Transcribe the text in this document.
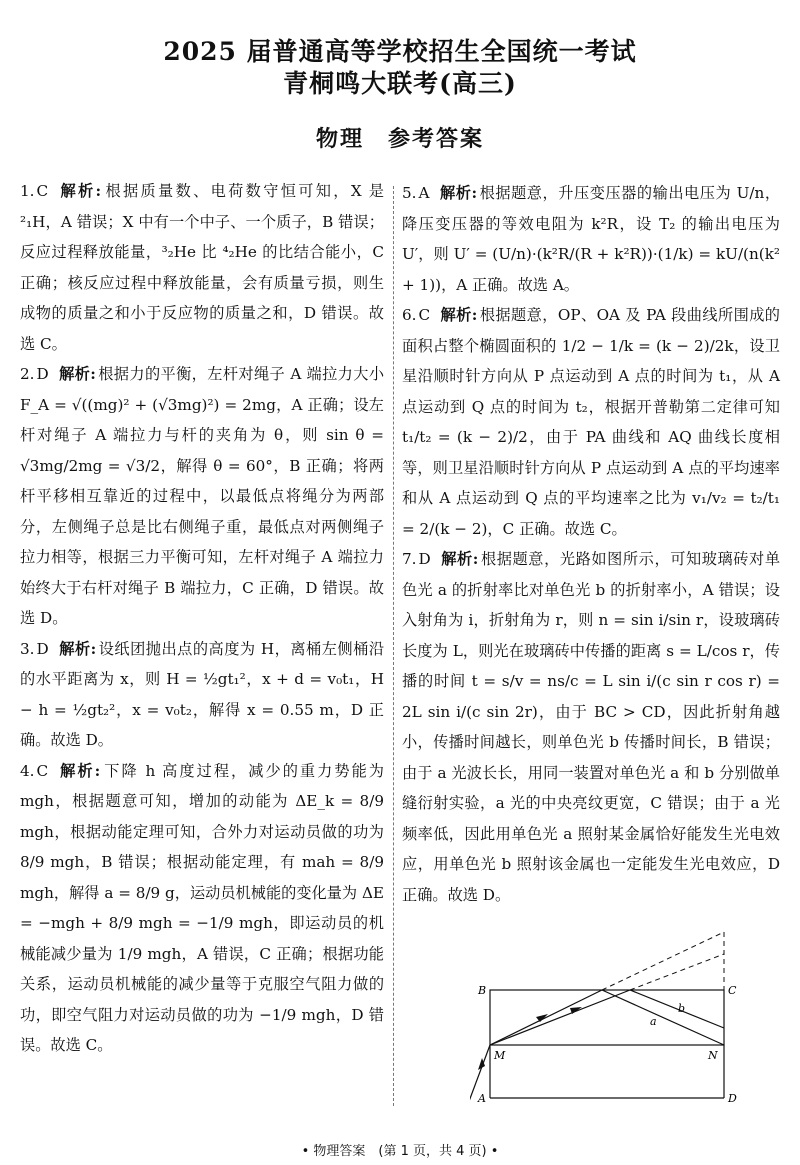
2025 届普通高等学校招生全国统一考试
青桐鸣大联考(高三)
物理　参考答案
1. C 解析: 根据质量数、电荷数守恒可知，X 是 ²₁H，A 错误；X 中有一个中子、一个质子，B 错误；反应过程释放能量，³₂He 比 ⁴₂He 的比结合能小，C 正确；核反应过程中释放能量，会有质量亏损，则生成物的质量之和小于反应物的质量之和，D 错误。故选 C。
2. D 解析: 根据力的平衡，左杆对绳子 A 端拉力大小 F_A = √((mg)² + (√3mg)²) = 2mg，A 正确；设左杆对绳子 A 端拉力与杆的夹角为 θ，则 sin θ = √3mg/2mg = √3/2，解得 θ = 60°，B 正确；将两杆平移相互靠近的过程中，以最低点将绳分为两部分，左侧绳子总是比右侧绳子重，最低点对两侧绳子拉力相等，根据三力平衡可知，左杆对绳子 A 端拉力始终大于右杆对绳子 B 端拉力，C 正确，D 错误。故选 D。
3. D 解析: 设纸团抛出点的高度为 H，离桶左侧桶沿的水平距离为 x，则 H = ½gt₁²，x + d = v₀t₁，H − h = ½gt₂²，x = v₀t₂，解得 x = 0.55 m，D 正确。故选 D。
4. C 解析: 下降 h 高度过程，减少的重力势能为 mgh，根据题意可知，增加的动能为 ΔE_k = 8/9 mgh，根据动能定理可知，合外力对运动员做的功为 8/9 mgh，B 错误；根据动能定理，有 mah = 8/9 mgh，解得 a = 8/9 g，运动员机械能的变化量为 ΔE = −mgh + 8/9 mgh = −1/9 mgh，即运动员的机械能减少量为 1/9 mgh，A 错误，C 正确；根据功能关系，运动员机械能的减少量等于克服空气阻力做的功，即空气阻力对运动员做的功为 −1/9 mgh，D 错误。故选 C。
5. A 解析: 根据题意，升压变压器的输出电压为 U/n，降压变压器的等效电阻为 k²R，设 T₂ 的输出电压为 U′，则 U′ = (U/n)·(k²R/(R + k²R))·(1/k) = kU/(n(k² + 1))，A 正确。故选 A。
6. C 解析: 根据题意，OP、OA 及 PA 段曲线所围成的面积占整个椭圆面积的 1/2 − 1/k = (k − 2)/2k，设卫星沿顺时针方向从 P 点运动到 A 点的时间为 t₁，从 A 点运动到 Q 点的时间为 t₂，根据开普勒第二定律可知 t₁/t₂ = (k − 2)/2，由于 PA 曲线和 AQ 曲线长度相等，则卫星沿顺时针方向从 P 点运动到 A 点的平均速率和从 A 点运动到 Q 点的平均速率之比为 v₁/v₂ = t₂/t₁ = 2/(k − 2)，C 正确。故选 C。
7. D 解析: 根据题意，光路如图所示，可知玻璃砖对单色光 a 的折射率比对单色光 b 的折射率小，A 错误；设入射角为 i，折射角为 r，则 n = sin i/sin r，设玻璃砖长度为 L，则光在玻璃砖中传播的距离 s = L/cos r，传播的时间 t = s/v = ns/c = L sin i/(c sin r cos r) = 2L sin i/(c sin 2r)，由于 BC > CD，因此折射角越小，传播时间越长，则单色光 b 传播时间长，B 错误；由于 a 光波长长，用同一装置对单色光 a 和 b 分别做单缝衍射实验，a 光的中央亮纹更宽，C 错误；由于 a 光频率低，因此用单色光 a 照射某金属恰好能发生光电效应，用单色光 b 照射该金属也一定能发生光电效应，D 正确。故选 D。
B	C
M	N
A	D
a
b
• 物理答案　(第 1 页，共 4 页) •
